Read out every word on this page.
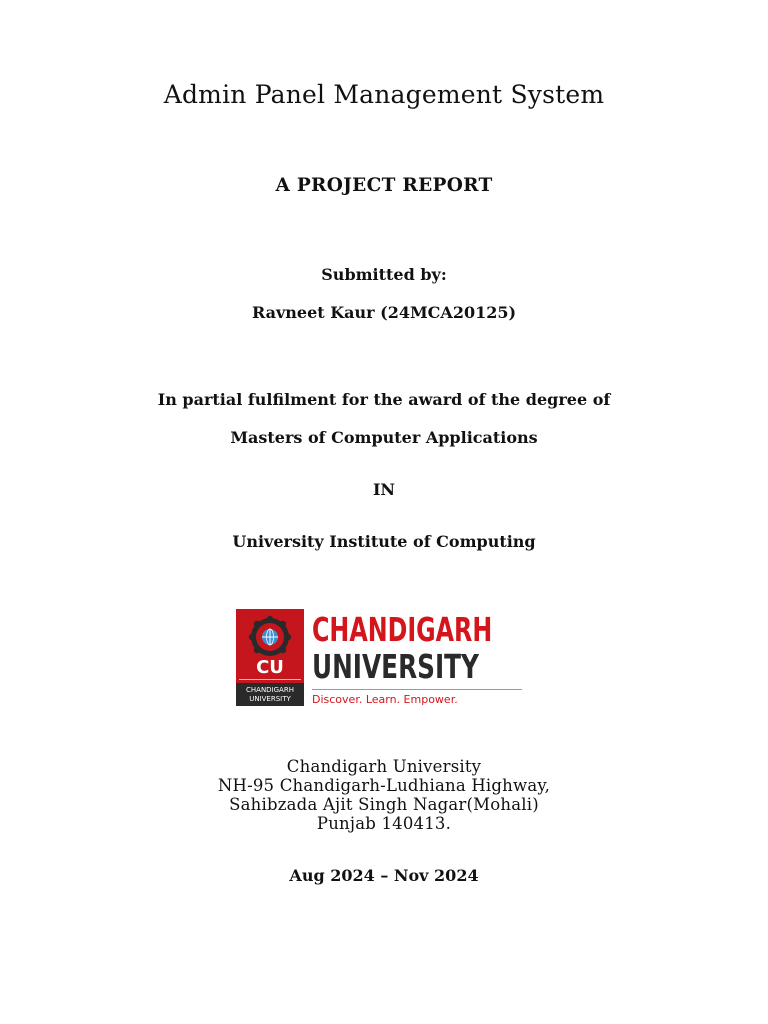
Admin Panel Management System
A PROJECT REPORT
Submitted by:
Ravneet Kaur (24MCA20125)
In partial fulfilment for the award of the degree of
Masters of Computer Applications
IN
University Institute of Computing
CU
CHANDIGARH
UNIVERSITY
CHANDIGARH
UNIVERSITY
Discover. Learn. Empower.
Chandigarh University
NH-95 Chandigarh-Ludhiana Highway,
Sahibzada Ajit Singh Nagar(Mohali)
Punjab 140413.
Aug 2024 – Nov 2024
